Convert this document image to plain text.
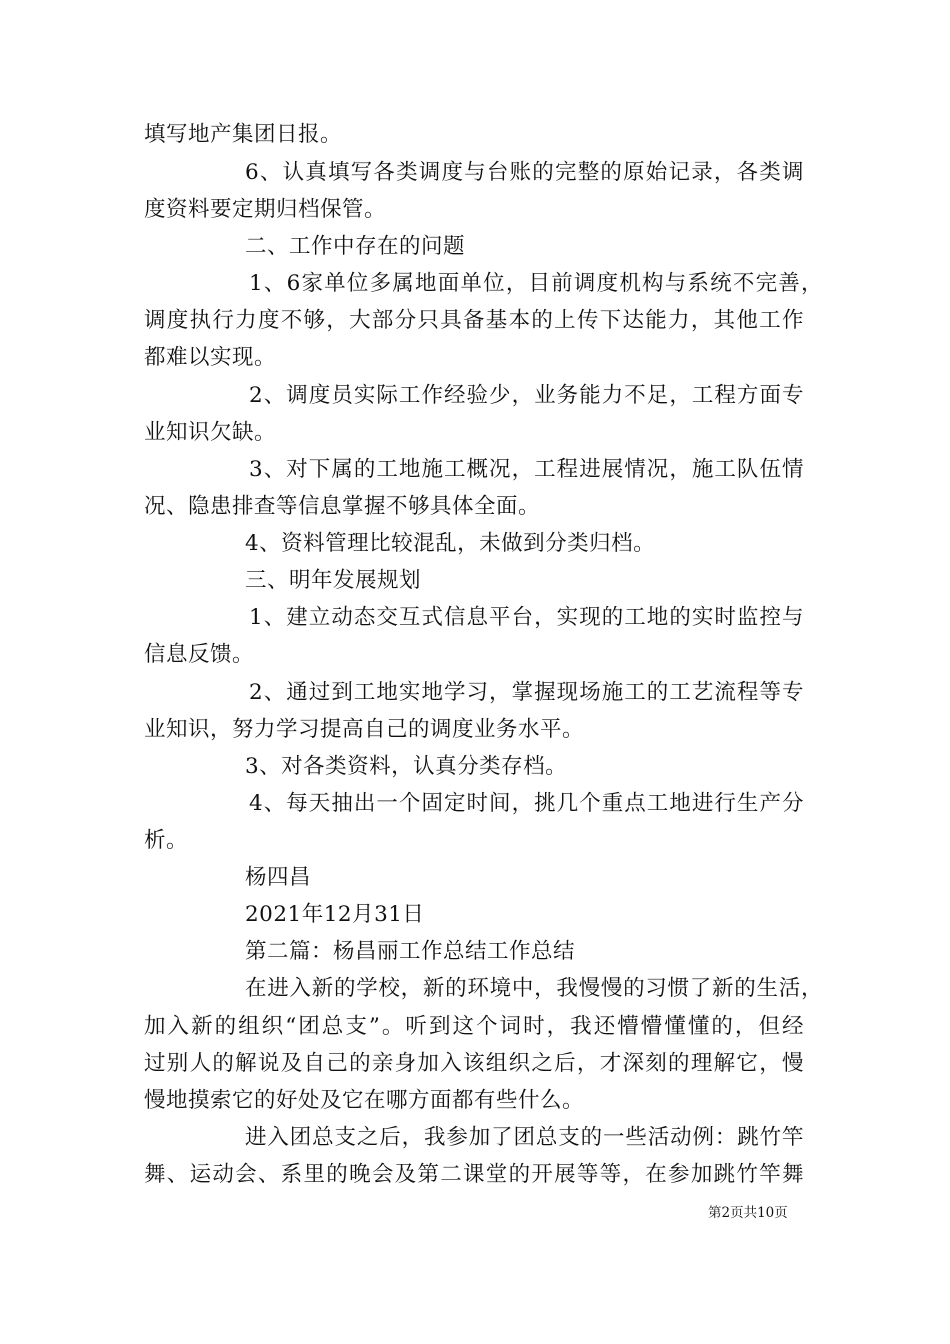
填写地产集团日报。
6、认真填写各类调度与台账的完整的原始记录，各类调
度资料要定期归档保管。
二、工作中存在的问题
1、6家单位多属地面单位，目前调度机构与系统不完善，
调度执行力度不够，大部分只具备基本的上传下达能力，其他工作
都难以实现。
2、调度员实际工作经验少，业务能力不足，工程方面专
业知识欠缺。
3、对下属的工地施工概况，工程进展情况，施工队伍情
况、隐患排查等信息掌握不够具体全面。
4、资料管理比较混乱，未做到分类归档。
三、明年发展规划
1、建立动态交互式信息平台，实现的工地的实时监控与
信息反馈。
2、通过到工地实地学习，掌握现场施工的工艺流程等专
业知识，努力学习提高自己的调度业务水平。
3、对各类资料，认真分类存档。
4、每天抽出一个固定时间，挑几个重点工地进行生产分
析。
杨四昌
2021年12月31日
第二篇：杨昌丽工作总结工作总结
在进入新的学校，新的环境中，我慢慢的习惯了新的生活，
加入新的组织“团总支”。听到这个词时，我还懵懵懂懂的，但经
过别人的解说及自己的亲身加入该组织之后，才深刻的理解它，慢
慢地摸索它的好处及它在哪方面都有些什么。
进入团总支之后，我参加了团总支的一些活动例：跳竹竿
舞、运动会、系里的晚会及第二课堂的开展等等，在参加跳竹竿舞
第2页共10页
